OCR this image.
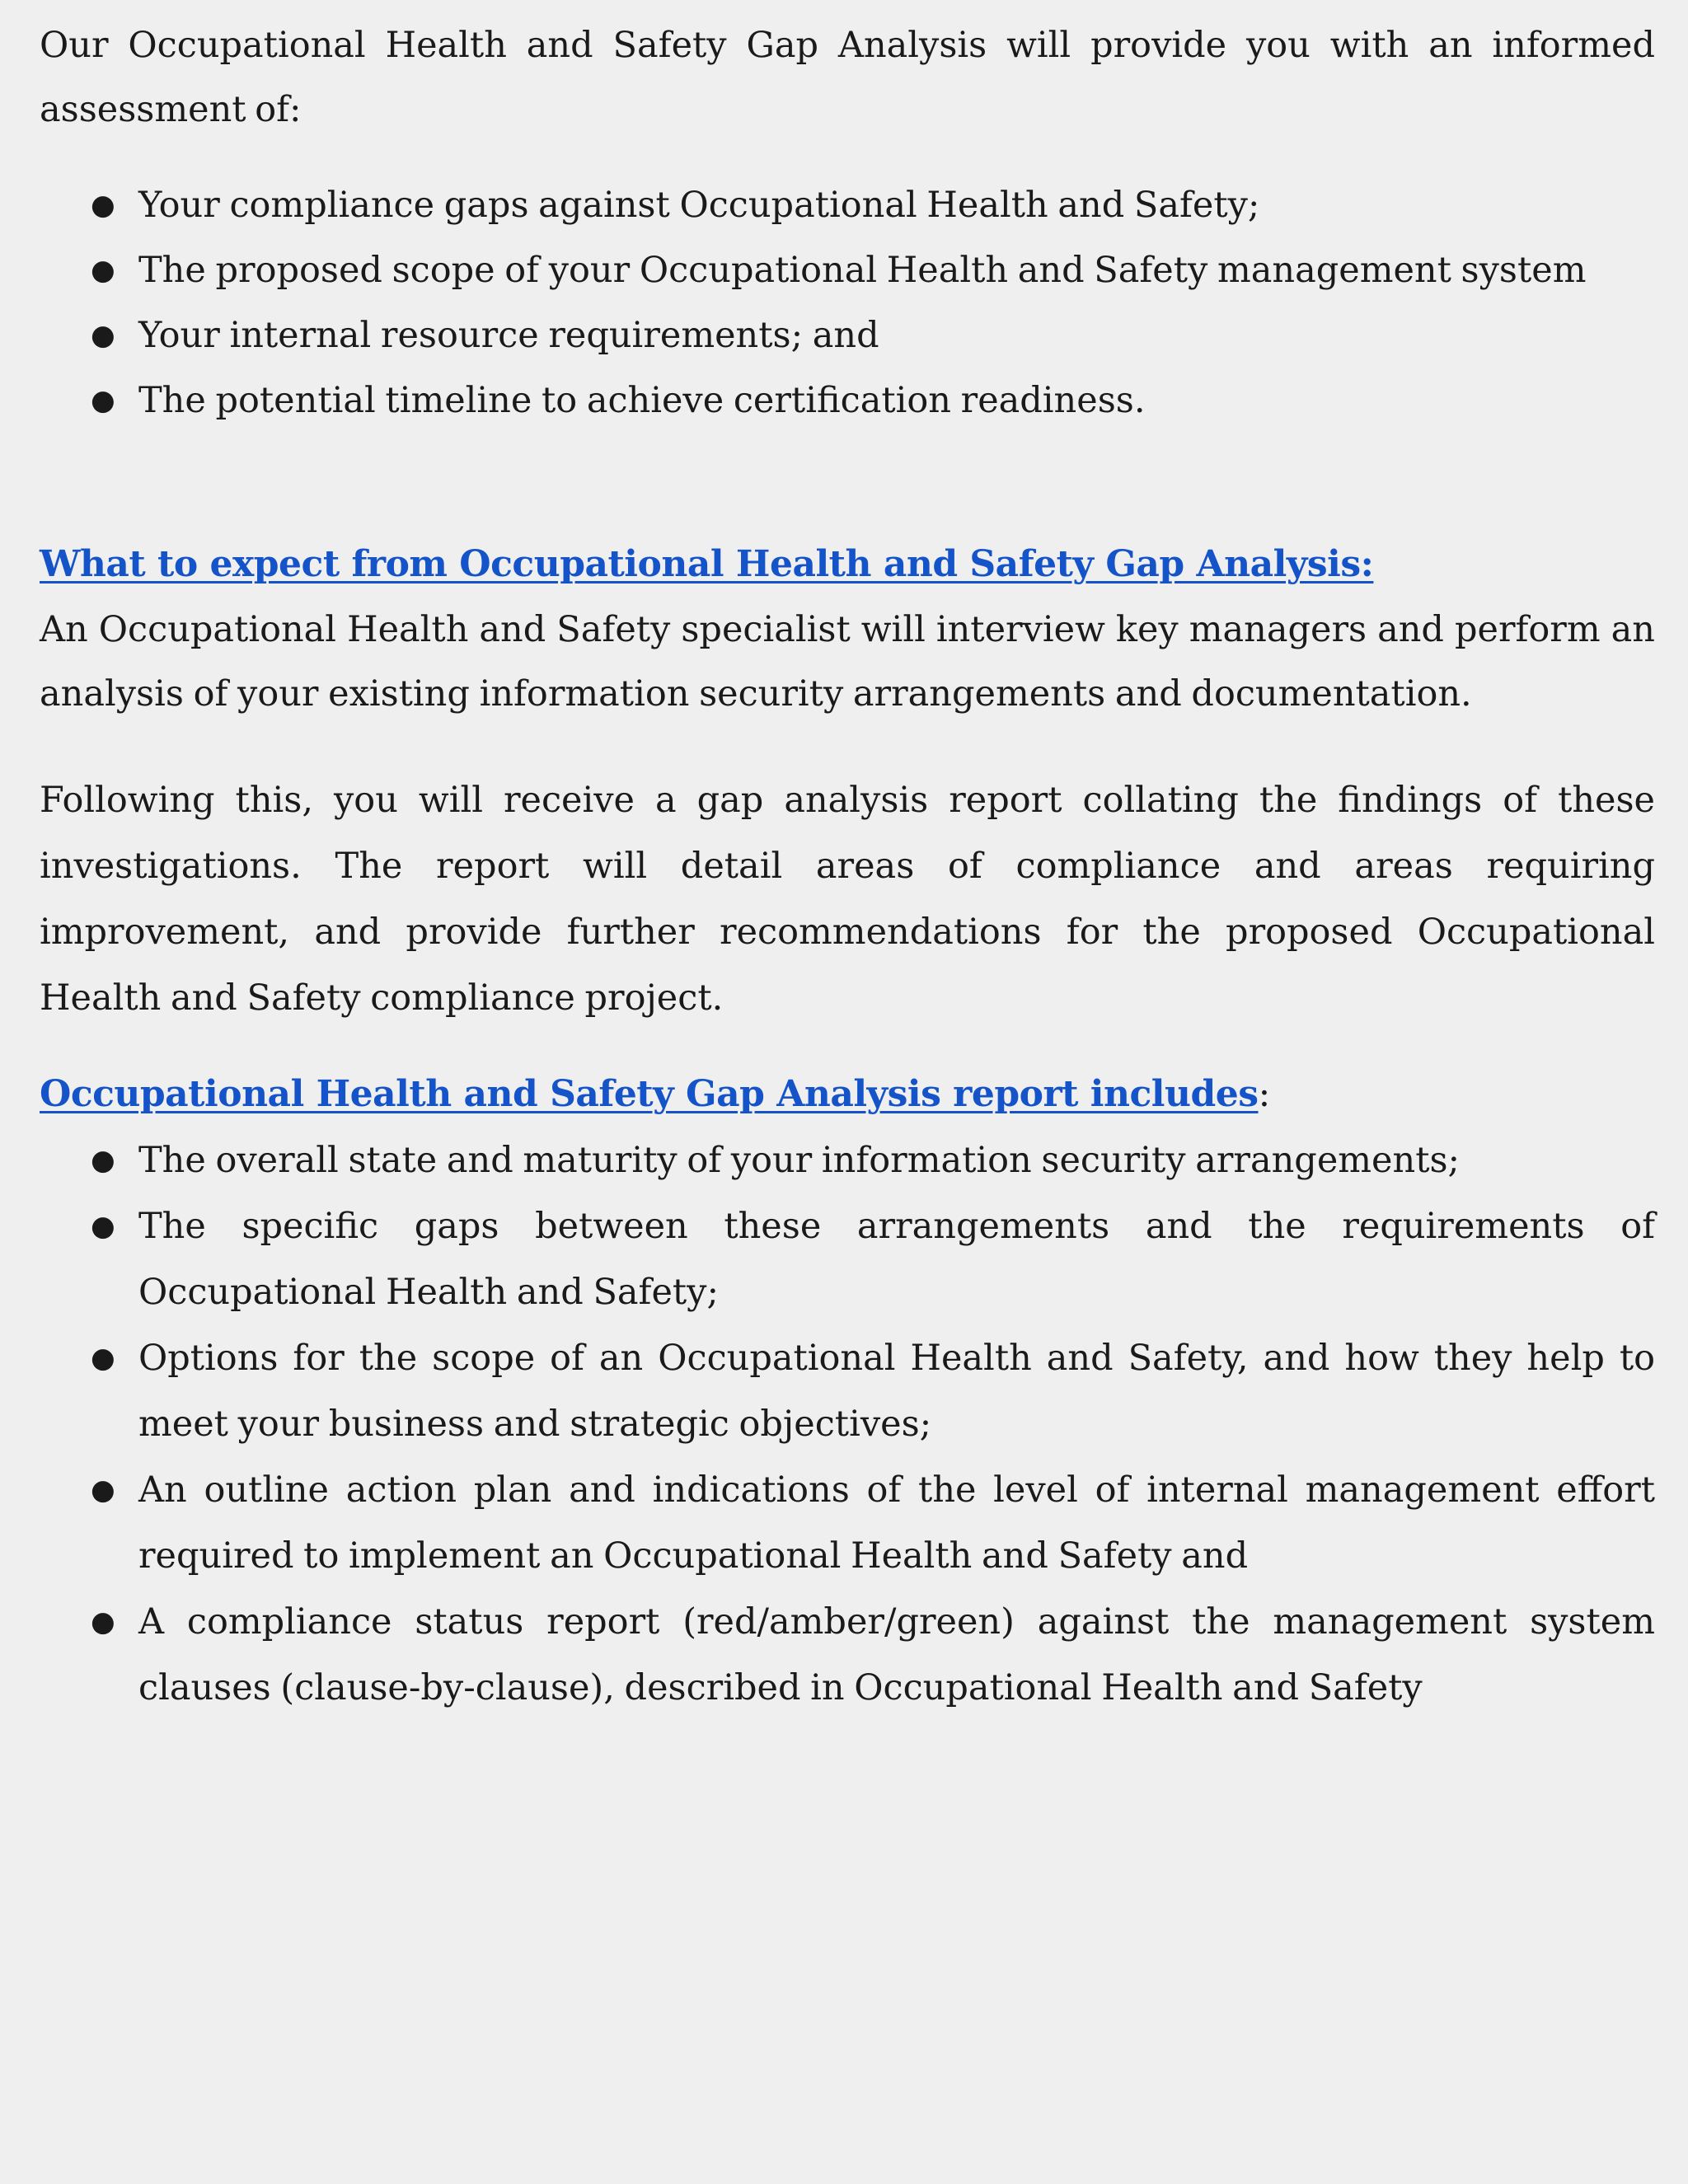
Our Occupational Health and Safety Gap Analysis will provide you with an informed assessment of:

● Your compliance gaps against Occupational Health and Safety;
● The proposed scope of your Occupational Health and Safety management system
● Your internal resource requirements; and
● The potential timeline to achieve certification readiness.
What to expect from Occupational Health and Safety Gap Analysis:

An Occupational Health and Safety specialist will interview key managers and perform an analysis of your existing information security arrangements and documentation.

Following this, you will receive a gap analysis report collating the findings of these investigations. The report will detail areas of compliance and areas requiring improvement, and provide further recommendations for the proposed Occupational Health and Safety compliance project.

Occupational Health and Safety Gap Analysis report includes:
● The overall state and maturity of your information security arrangements;
● The specific gaps between these arrangements and the requirements of Occupational Health and Safety;
● Options for the scope of an Occupational Health and Safety, and how they help to meet your business and strategic objectives;
● An outline action plan and indications of the level of internal management effort required to implement an Occupational Health and Safety and
● A compliance status report (red/amber/green) against the management system clauses (clause-by-clause), described in Occupational Health and Safety
